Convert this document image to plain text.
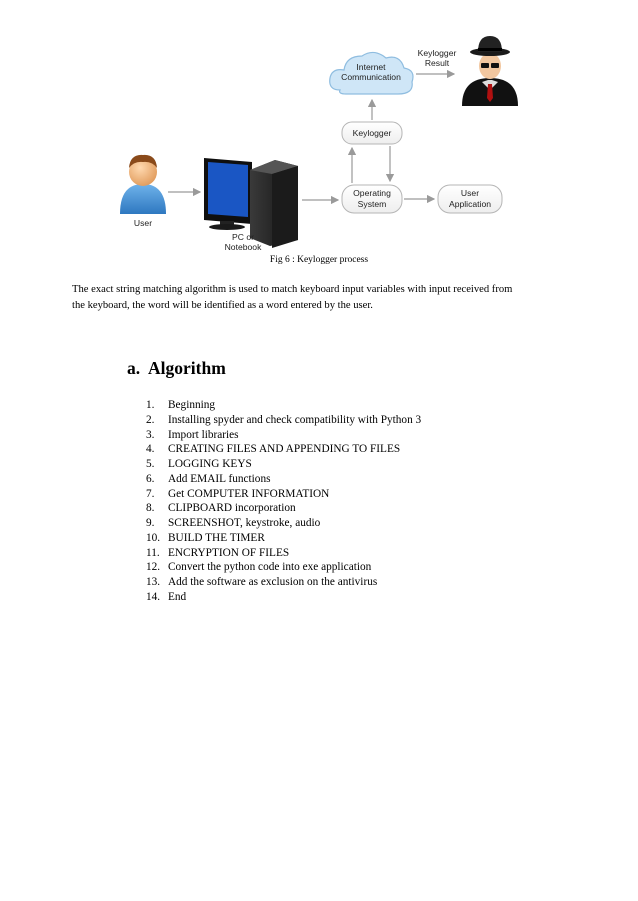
User
PC or
Notebook
Operating
System
User
Application
Keylogger
Internet
Communication
Keylogger
Result
Fig 6 : Keylogger process
The exact string matching algorithm is used to match keyboard input variables with input received from
the keyboard, the word will be identified as a word entered by the user.
a. Algorithm
1. Beginning
2. Installing spyder and check compatibility with Python 3
3. Import libraries
4. CREATING FILES AND APPENDING TO FILES
5. LOGGING KEYS
6. Add EMAIL functions
7. Get COMPUTER INFORMATION
8. CLIPBOARD incorporation
9. SCREENSHOT, keystroke, audio
10. BUILD THE TIMER
11. ENCRYPTION OF FILES
12. Convert the python code into exe application
13. Add the software as exclusion on the antivirus
14. End
